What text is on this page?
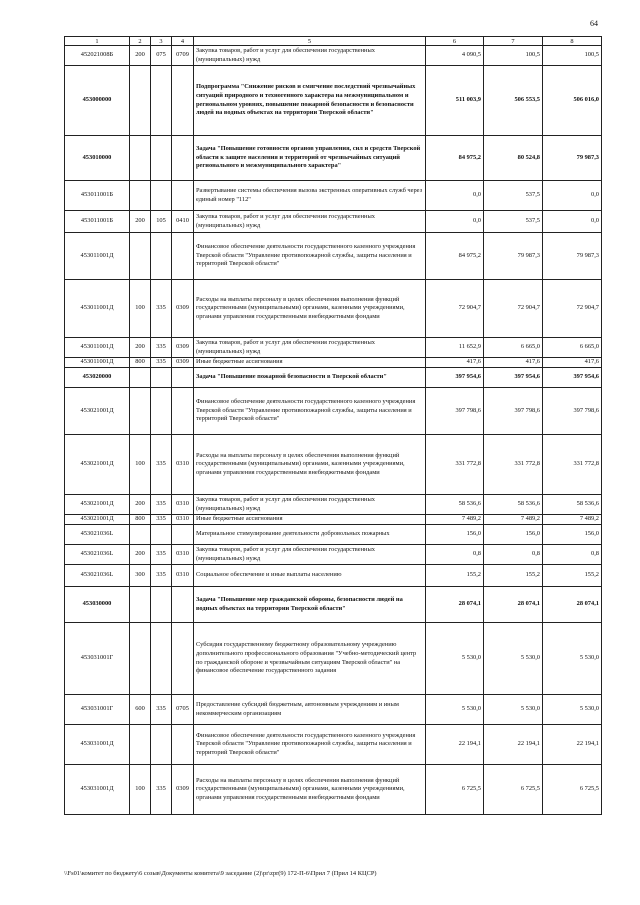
64
1	2	3	4	5	6	7	8
452021008Б	200	075	0709	Закупка товаров, работ и услуг для обеспечения государственных (муниципальных) нужд	4 090,5	100,5	100,5
453000000				Подпрограмма "Снижение рисков и смягчение последствий чрезвычайных ситуаций природного и техногенного характера на межмуниципальном и региональном уровнях, повышение пожарной безопасности и безопасности людей на водных объектах на территории Тверской области"	511 003,9	506 553,5	506 016,0
453010000				Задача "Повышение готовности органов управления, сил и средств Тверской области к защите населения и территорий от чрезвычайных ситуаций регионального и межмуниципального характера"	84 975,2	80 524,8	79 987,3
453011001Б				Развертывание системы обеспечения вызова экстренных оперативных служб через единый номер "112"	0,0	537,5	0,0
453011001Б	200	105	0410	Закупка товаров, работ и услуг для обеспечения государственных (муниципальных) нужд	0,0	537,5	0,0
453011001Д				Финансовое обеспечение деятельности государственного казенного учреждения Тверской области "Управление противопожарной службы, защиты населения и территорий Тверской области"	84 975,2	79 987,3	79 987,3
453011001Д	100	335	0309	Расходы на выплаты персоналу в целях обеспечения выполнения функций государственными (муниципальными) органами, казенными учреждениями, органами управления государственными внебюджетными фондами	72 904,7	72 904,7	72 904,7
453011001Д	200	335	0309	Закупка товаров, работ и услуг для обеспечения государственных (муниципальных) нужд	11 652,9	6 665,0	6 665,0
453011001Д	800	335	0309	Иные бюджетные ассигнования	417,6	417,6	417,6
453020000				Задача "Повышение пожарной безопасности в Тверской области"	397 954,6	397 954,6	397 954,6
453021001Д				Финансовое обеспечение деятельности государственного казенного учреждения Тверской области "Управление противопожарной службы, защиты населения и территорий Тверской области"	397 798,6	397 798,6	397 798,6
453021001Д	100	335	0310	Расходы на выплаты персоналу в целях обеспечения выполнения функций государственными (муниципальными) органами, казенными учреждениями, органами управления государственными внебюджетными фондами	331 772,8	331 772,8	331 772,8
453021001Д	200	335	0310	Закупка товаров, работ и услуг для обеспечения государственных (муниципальных) нужд	58 536,6	58 536,6	58 536,6
453021001Д	800	335	0310	Иные бюджетные ассигнования	7 489,2	7 489,2	7 489,2
453021036L				Материальное стимулирование деятельности добровольных пожарных	156,0	156,0	156,0
453021036L	200	335	0310	Закупка товаров, работ и услуг для обеспечения государственных (муниципальных) нужд	0,8	0,8	0,8
453021036L	300	335	0310	Социальное обеспечение и иные выплаты населению	155,2	155,2	155,2
453030000				Задача "Повышение мер гражданской обороны, безопасности людей на водных объектах на территории Тверской области"	28 074,1	28 074,1	28 074,1
453031001Г				Субсидия государственному бюджетному образовательному учреждению дополнительного профессионального образования "Учебно-методический центр по гражданской обороне и чрезвычайным ситуациям Тверской области" на финансовое обеспечение государственного задания	5 530,0	5 530,0	5 530,0
453031001Г	600	335	0705	Предоставление субсидий бюджетным, автономным учреждениям и иным некоммерческим организациям	5 530,0	5 530,0	5 530,0
453031001Д				Финансовое обеспечение деятельности государственного казенного учреждения Тверской области "Управление противопожарной службы, защиты населения и территорий Тверской области"	22 194,1	22 194,1	22 194,1
453031001Д	100	335	0309	Расходы на выплаты персоналу в целях обеспечения выполнения функций государственными (муниципальными) органами, казенными учреждениями, органами управления государственными внебюджетными фондами	6 725,5	6 725,5	6 725,5
\\Fs01\комитет по бюджету\6 созыв\Документы комитета\9 заседание (2)\pr\zpr(9) 172-П-6\Прил 7 (Прил 14 КЦСР)
